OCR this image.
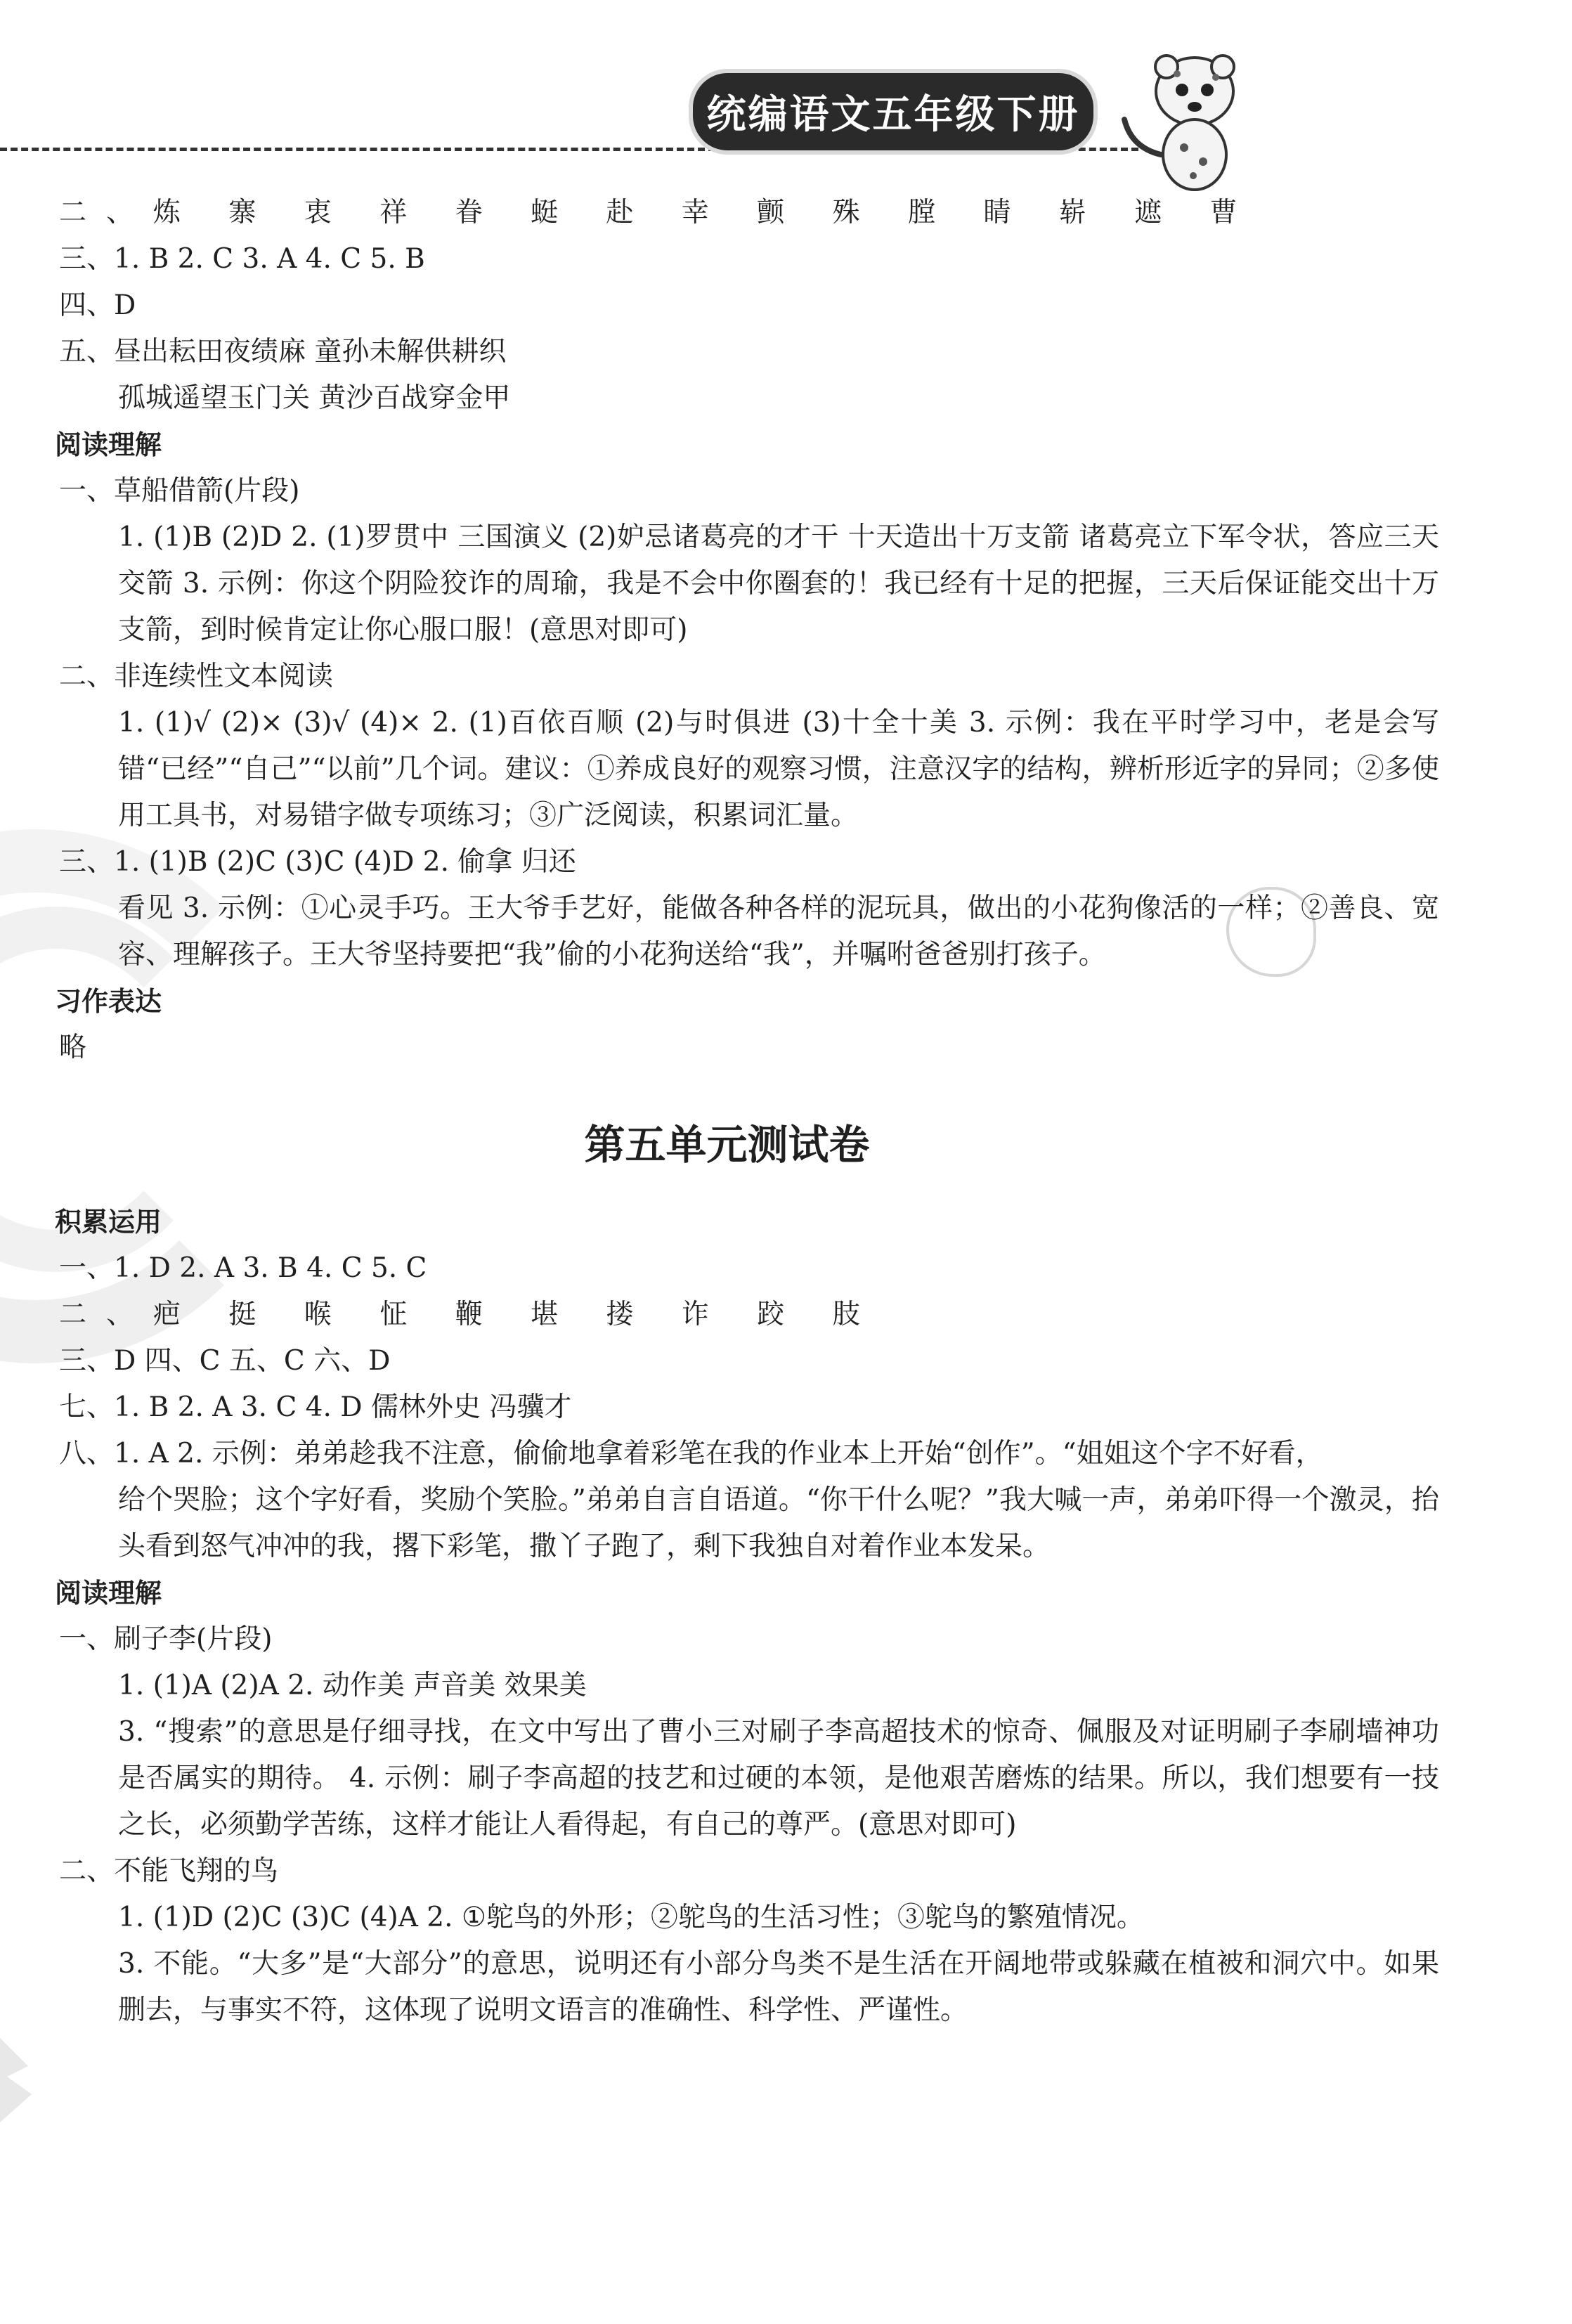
统编语文五年级下册
二、炼 寨 衷 祥 眷 蜓 赴 幸 颤 殊 膛 睛 崭 遮 曹
三、1. B 2. C 3. A 4. C 5. B
四、D
五、昼出耘田夜绩麻 童孙未解供耕织
孤城遥望玉门关 黄沙百战穿金甲
阅读理解
一、草船借箭(片段)
1. (1)B (2)D 2. (1)罗贯中 三国演义 (2)妒忌诸葛亮的才干 十天造出十万支箭 诸葛亮立下军令状，答应三天交箭 3. 示例：你这个阴险狡诈的周瑜，我是不会中你圈套的！我已经有十足的把握，三天后保证能交出十万支箭，到时候肯定让你心服口服！(意思对即可)
二、非连续性文本阅读
1. (1)√ (2)× (3)√ (4)× 2. (1)百依百顺 (2)与时俱进 (3)十全十美 3. 示例：我在平时学习中，老是会写错“已经”“自己”“以前”几个词。建议：①养成良好的观察习惯，注意汉字的结构，辨析形近字的异同；②多使用工具书，对易错字做专项练习；③广泛阅读，积累词汇量。
三、1. (1)B (2)C (3)C (4)D 2. 偷拿 归还
看见 3. 示例：①心灵手巧。王大爷手艺好，能做各种各样的泥玩具，做出的小花狗像活的一样；②善良、宽容、理解孩子。王大爷坚持要把“我”偷的小花狗送给“我”，并嘱咐爸爸别打孩子。
习作表达
略
第五单元测试卷
积累运用
一、1. D 2. A 3. B 4. C 5. C
二、疤 挺 喉 怔 鞭 堪 搂 诈 跤 肢
三、D 四、C 五、C 六、D
七、1. B 2. A 3. C 4. D 儒林外史 冯骥才
八、1. A 2. 示例：弟弟趁我不注意，偷偷地拿着彩笔在我的作业本上开始“创作”。“姐姐这个字不好看，
给个哭脸；这个字好看，奖励个笑脸。”弟弟自言自语道。“你干什么呢？”我大喊一声，弟弟吓得一个激灵，抬头看到怒气冲冲的我，撂下彩笔，撒丫子跑了，剩下我独自对着作业本发呆。
阅读理解
一、刷子李(片段)
1. (1)A (2)A 2. 动作美 声音美 效果美
3. “搜索”的意思是仔细寻找，在文中写出了曹小三对刷子李高超技术的惊奇、佩服及对证明刷子李刷墙神功是否属实的期待。 4. 示例：刷子李高超的技艺和过硬的本领，是他艰苦磨炼的结果。所以，我们想要有一技之长，必须勤学苦练，这样才能让人看得起，有自己的尊严。(意思对即可)
二、不能飞翔的鸟
1. (1)D (2)C (3)C (4)A 2. ①鸵鸟的外形；②鸵鸟的生活习性；③鸵鸟的繁殖情况。
3. 不能。“大多”是“大部分”的意思，说明还有小部分鸟类不是生活在开阔地带或躲藏在植被和洞穴中。如果删去，与事实不符，这体现了说明文语言的准确性、科学性、严谨性。
